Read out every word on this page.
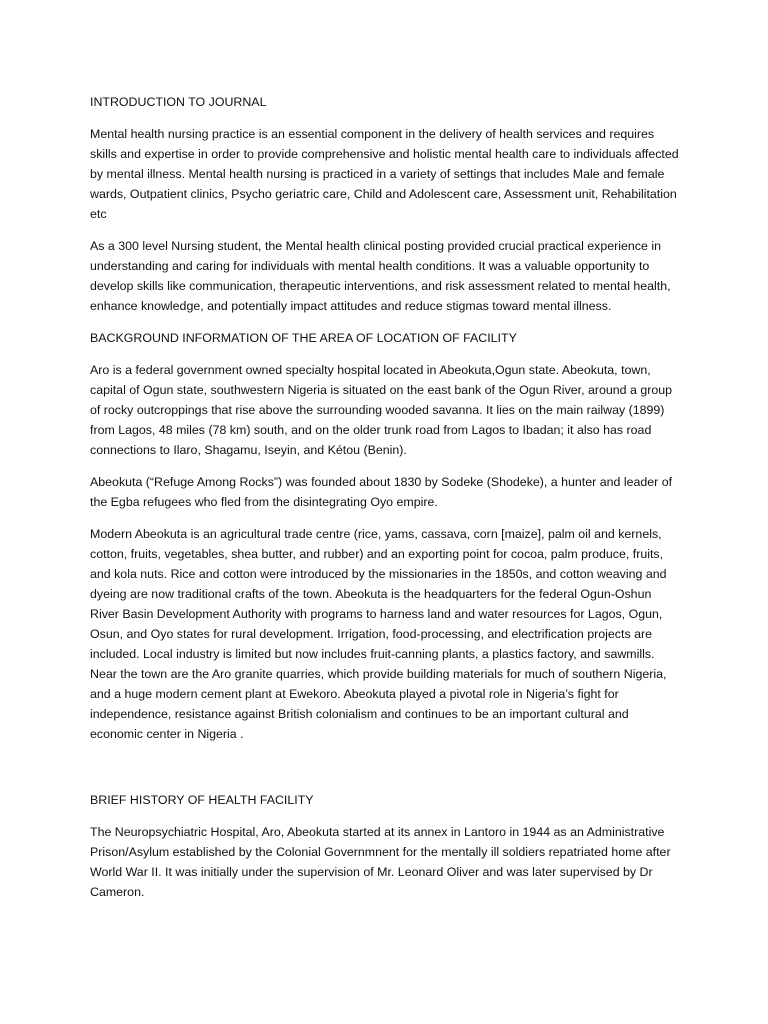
INTRODUCTION TO JOURNAL

Mental health nursing practice is an essential component in the delivery of health services and requires skills and expertise in order to provide comprehensive and holistic mental health care to individuals affected by mental illness. Mental health nursing is practiced in a variety of settings that includes Male and female wards, Outpatient clinics, Psycho geriatric care, Child and Adolescent care, Assessment unit, Rehabilitation etc

As a 300 level Nursing student, the Mental health clinical posting provided crucial practical experience in understanding and caring for individuals with mental health conditions. It was a valuable opportunity to develop skills like communication, therapeutic interventions, and risk assessment related to mental health, enhance knowledge, and potentially impact attitudes and reduce stigmas toward mental illness.

BACKGROUND INFORMATION OF THE AREA OF LOCATION OF FACILITY

Aro is a federal government owned specialty hospital located in Abeokuta,Ogun state. Abeokuta, town, capital of Ogun state, southwestern Nigeria is situated on the east bank of the Ogun River, around a group of rocky outcroppings that rise above the surrounding wooded savanna. It lies on the main railway (1899) from Lagos, 48 miles (78 km) south, and on the older trunk road from Lagos to Ibadan; it also has road connections to Ilaro, Shagamu, Iseyin, and Kétou (Benin).

Abeokuta (“Refuge Among Rocks”) was founded about 1830 by Sodeke (Shodeke), a hunter and leader of the Egba refugees who fled from the disintegrating Oyo empire.

Modern Abeokuta is an agricultural trade centre (rice, yams, cassava, corn [maize], palm oil and kernels, cotton, fruits, vegetables, shea butter, and rubber) and an exporting point for cocoa, palm produce, fruits, and kola nuts. Rice and cotton were introduced by the missionaries in the 1850s, and cotton weaving and dyeing are now traditional crafts of the town. Abeokuta is the headquarters for the federal Ogun-Oshun River Basin Development Authority with programs to harness land and water resources for Lagos, Ogun, Osun, and Oyo states for rural development. Irrigation, food-processing, and electrification projects are included. Local industry is limited but now includes fruit-canning plants, a plastics factory, and sawmills. Near the town are the Aro granite quarries, which provide building materials for much of southern Nigeria, and a huge modern cement plant at Ewekoro. Abeokuta played a pivotal role in Nigeria’s fight for independence, resistance against British colonialism and continues to be an important cultural and economic center in Nigeria .

BRIEF HISTORY OF HEALTH FACILITY

The Neuropsychiatric Hospital, Aro, Abeokuta started at its annex in Lantoro in 1944 as an Administrative Prison/Asylum established by the Colonial Governmnent for the mentally ill soldiers repatriated home after World War II. It was initially under the supervision of Mr. Leonard Oliver and was later supervised by Dr Cameron.
